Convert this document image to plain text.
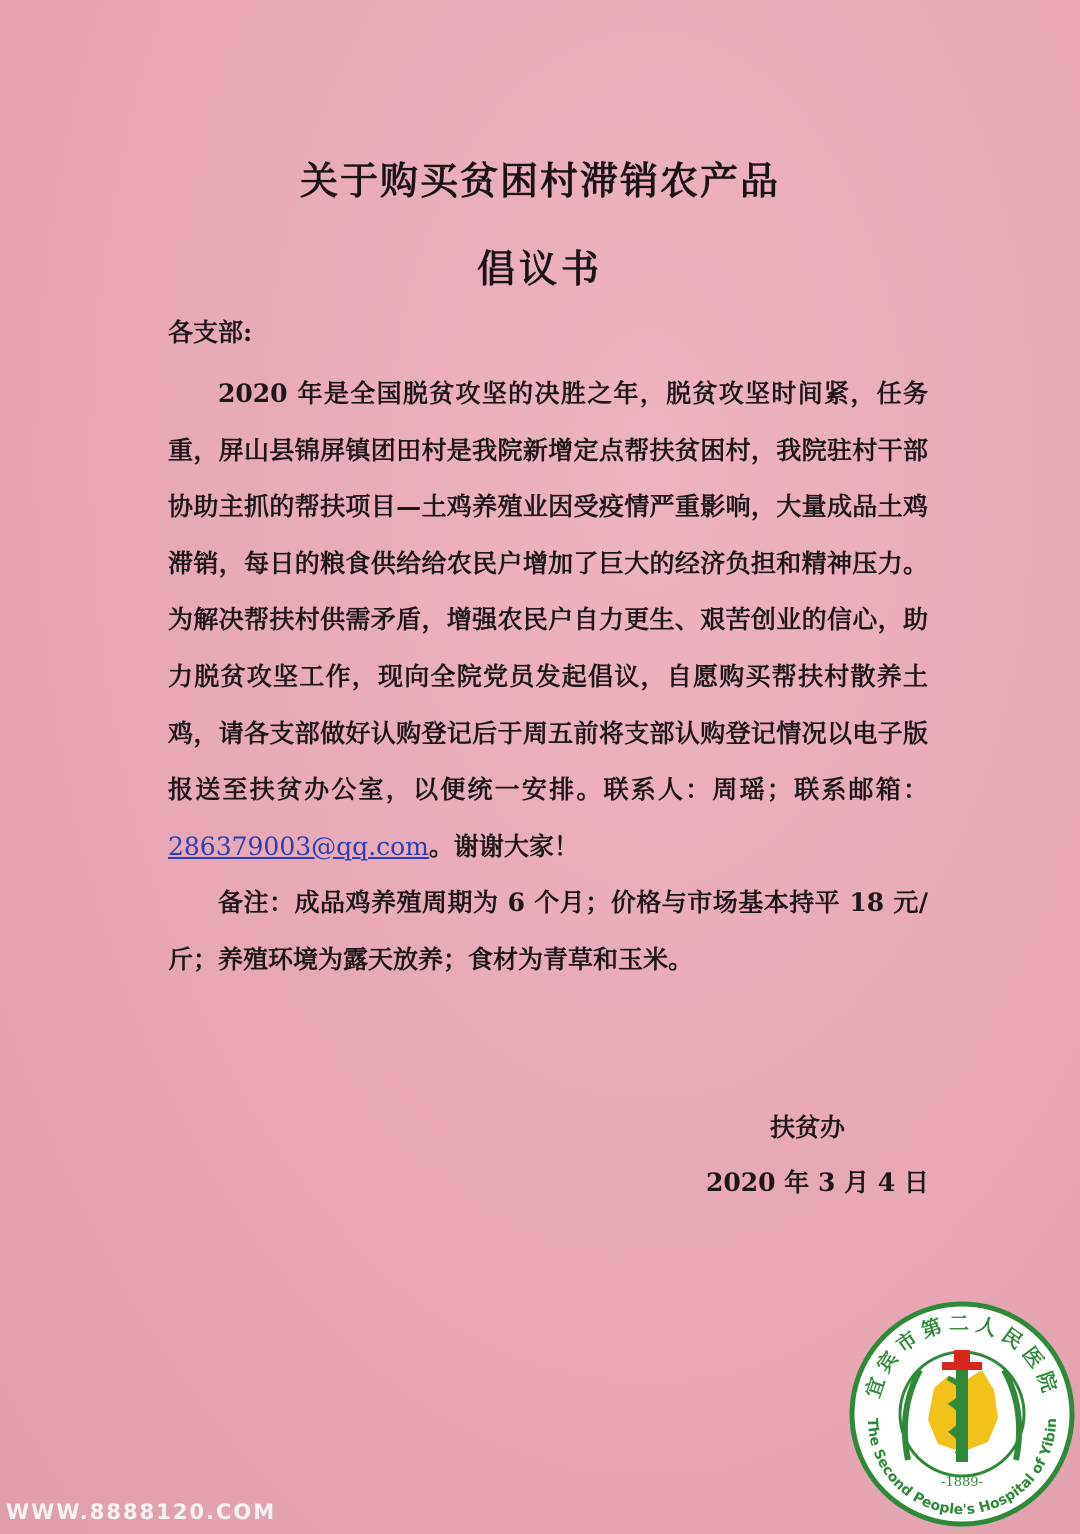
关于购买贫困村滞销农产品
倡议书
各支部:

2020 年是全国脱贫攻坚的决胜之年，脱贫攻坚时间紧，任务重，屏山县锦屏镇团田村是我院新增定点帮扶贫困村，我院驻村干部协助主抓的帮扶项目—土鸡养殖业因受疫情严重影响，大量成品土鸡滞销，每日的粮食供给给农民户增加了巨大的经济负担和精神压力。为解决帮扶村供需矛盾，增强农民户自力更生、艰苦创业的信心，助力脱贫攻坚工作，现向全院党员发起倡议，自愿购买帮扶村散养土鸡，请各支部做好认购登记后于周五前将支部认购登记情况以电子版报送至扶贫办公室，以便统一安排。联系人：周瑶；联系邮箱：286379003@qq.com。谢谢大家！

备注：成品鸡养殖周期为 6 个月；价格与市场基本持平 18 元/斤；养殖环境为露天放养；食材为青草和玉米。

扶贫办
2020 年 3 月 4 日
WWW.8888120.COM
宜宾市第二人民医院
The Second People's Hospital of Yibin
-1889-
